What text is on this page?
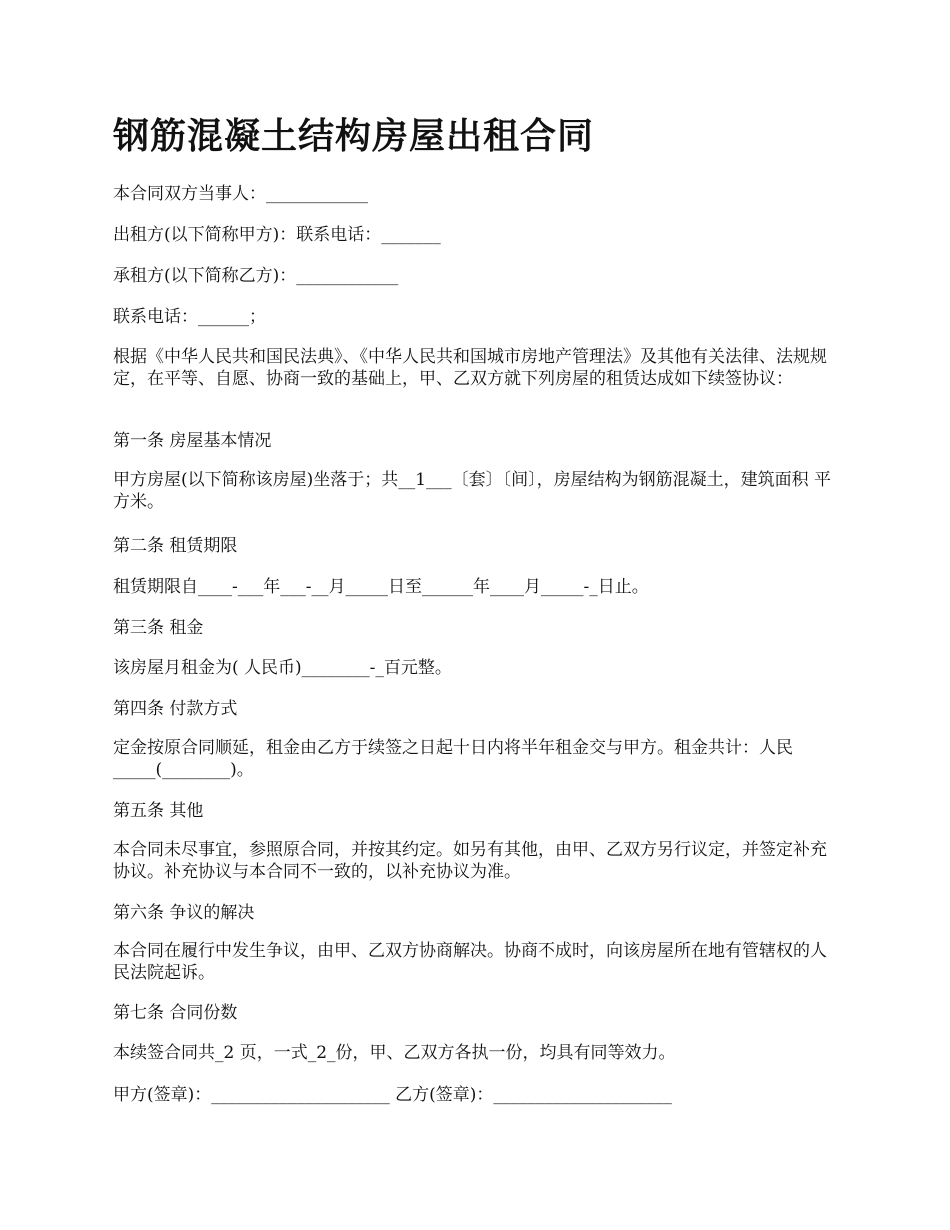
钢筋混凝土结构房屋出租合同

本合同双方当事人：____________

出租方(以下简称甲方)：联系电话：_______

承租方(以下简称乙方)：____________

联系电话：______；

根据《中华人民共和国民法典》、《中华人民共和国城市房地产管理法》及其他有关法律、法规规定，在平等、自愿、协商一致的基础上，甲、乙双方就下列房屋的租赁达成如下续签协议：

第一条 房屋基本情况

甲方房屋(以下简称该房屋)坐落于；共__1___〔套〕〔间〕，房屋结构为钢筋混凝土，建筑面积 平方米。

第二条 租赁期限

租赁期限自____-___年___-__月_____日至______年____月_____-_日止。

第三条 租金

该房屋月租金为( 人民币)________-_百元整。

第四条 付款方式

定金按原合同顺延，租金由乙方于续签之日起十日内将半年租金交与甲方。租金共计：人民_____(________)。

第五条 其他

本合同未尽事宜，参照原合同，并按其约定。如另有其他，由甲、乙双方另行议定，并签定补充协议。补充协议与本合同不一致的，以补充协议为准。

第六条 争议的解决

本合同在履行中发生争议，由甲、乙双方协商解决。协商不成时，向该房屋所在地有管辖权的人民法院起诉。

第七条 合同份数

本续签合同共_2 页，一式_2_份，甲、乙双方各执一份，均具有同等效力。

甲方(签章)：_____________________ 乙方(签章)：_____________________
